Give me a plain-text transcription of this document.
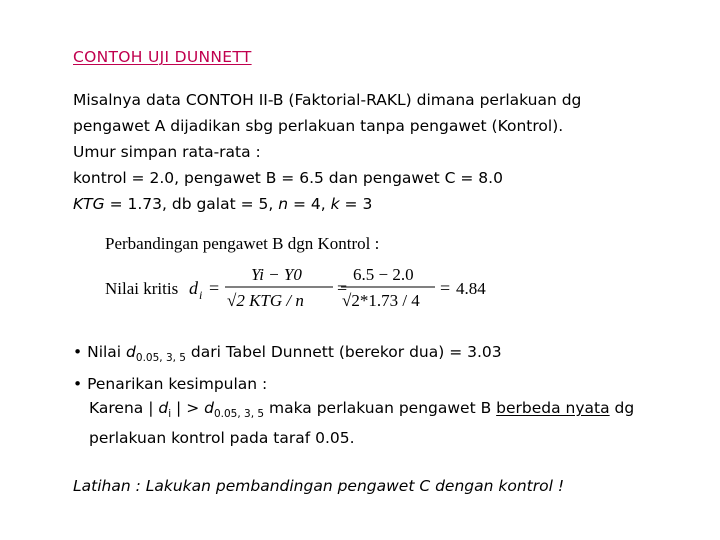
CONTOH UJI DUNNETT
Misalnya data CONTOH II-B (Faktorial-RAKL) dimana perlakuan dg
pengawet A dijadikan sbg perlakuan tanpa pengawet (Kontrol).
Umur simpan rata-rata :
kontrol = 2.0, pengawet B = 6.5 dan pengawet C = 8.0
KTG = 1.73, db galat = 5, n = 4, k = 3
Perbandingan pengawet B dgn Kontrol :
Nilai kritis d i =
Yi − Y0
√2 KTG / n
=
6.5 − 2.0
√2*1.73 / 4
= 4.84
• Nilai $d_{0.05, 3, 5}$ dari Tabel Dunnett (berekor dua) = 3.03
• Penarikan kesimpulan :
Karena | $d_i$ | > $d_{0.05, 3, 5}$ maka perlakuan pengawet B berbeda nyata dg
perlakuan kontrol pada taraf 0.05.
Latihan : Lakukan pembandingan pengawet C dengan kontrol !
